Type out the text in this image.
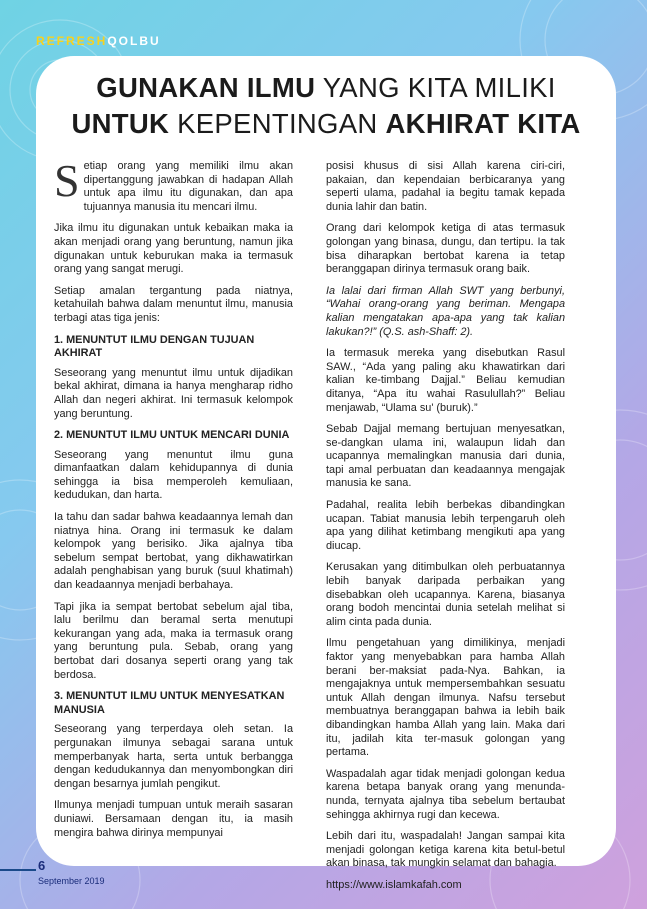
REFRESHQOLBU
GUNAKAN ILMU YANG KITA MILIKI
UNTUK KEPENTINGAN AKHIRAT KITA

Setiap orang yang memiliki ilmu akan dipertanggung jawabkan di hadapan Allah untuk apa ilmu itu digunakan, dan apa tujuannya manusia itu mencari ilmu.

Jika ilmu itu digunakan untuk kebaikan maka ia akan menjadi orang yang beruntung, namun jika digunakan untuk keburukan maka ia termasuk orang yang sangat merugi.

Setiap amalan tergantung pada niatnya, ketahuilah bahwa dalam menuntut ilmu, manusia terbagi atas tiga jenis:

1. MENUNTUT ILMU DENGAN TUJUAN AKHIRAT

Seseorang yang menuntut ilmu untuk dijadikan bekal akhirat, dimana ia hanya mengharap ridho Allah dan negeri akhirat. Ini termasuk kelompok yang beruntung.

2. MENUNTUT ILMU UNTUK MENCARI DUNIA

Seseorang yang menuntut ilmu guna dimanfaatkan dalam kehidupannya di dunia sehingga ia bisa memperoleh kemuliaan, kedudukan, dan harta.

Ia tahu dan sadar bahwa keadaannya lemah dan niatnya hina. Orang ini termasuk ke dalam kelompok yang berisiko. Jika ajalnya tiba sebelum sempat bertobat, yang dikhawatirkan adalah penghabisan yang buruk (suul khatimah) dan keadaannya menjadi berbahaya.

Tapi jika ia sempat bertobat sebelum ajal tiba, lalu berilmu dan beramal serta menutupi kekurangan yang ada, maka ia termasuk orang yang beruntung pula. Sebab, orang yang bertobat dari dosanya seperti orang yang tak berdosa.

3. MENUNTUT ILMU UNTUK MENYESATKAN MANUSIA

Seseorang yang terperdaya oleh setan. Ia pergunakan ilmunya sebagai sarana untuk memperbanyak harta, serta untuk berbangga dengan kedudukannya dan menyombongkan diri dengan besarnya jumlah pengikut.

Ilmunya menjadi tumpuan untuk meraih sasaran duniawi. Bersamaan dengan itu, ia masih mengira bahwa dirinya mempunyai

posisi khusus di sisi Allah karena ciri-ciri, pakaian, dan kependaian berbicaranya yang seperti ulama, padahal ia begitu tamak kepada dunia lahir dan batin.

Orang dari kelompok ketiga di atas termasuk golongan yang binasa, dungu, dan tertipu. Ia tak bisa diharapkan bertobat karena ia tetap beranggapan dirinya termasuk orang baik.

Ia lalai dari firman Allah SWT yang berbunyi, “Wahai orang-orang yang beriman. Mengapa kalian mengatakan apa-apa yang tak kalian lakukan?!” (Q.S. ash-Shaff: 2).

Ia termasuk mereka yang disebutkan Rasul SAW., “Ada yang paling aku khawatirkan dari kalian ke-timbang Dajjal.” Beliau kemudian ditanya, “Apa itu wahai Rasulullah?” Beliau menjawab, “Ulama su' (buruk).”

Sebab Dajjal memang bertujuan menyesatkan, se-dangkan ulama ini, walaupun lidah dan ucapannya memalingkan manusia dari dunia, tapi amal perbuatan dan keadaannya mengajak manusia ke sana.

Padahal, realita lebih berbekas dibandingkan ucapan. Tabiat manusia lebih terpengaruh oleh apa yang dilihat ketimbang mengikuti apa yang diucap.

Kerusakan yang ditimbulkan oleh perbuatannya lebih banyak daripada perbaikan yang disebabkan oleh ucapannya. Karena, biasanya orang bodoh mencintai dunia setelah melihat si alim cinta pada dunia.

Ilmu pengetahuan yang dimilikinya, menjadi faktor yang menyebabkan para hamba Allah berani ber-maksiat pada-Nya. Bahkan, ia mengajaknya untuk mempersembahkan sesuatu untuk Allah dengan ilmunya. Nafsu tersebut membuatnya beranggapan bahwa ia lebih baik dibandingkan hamba Allah yang lain. Maka dari itu, jadilah kita ter-masuk golongan yang pertama.

Waspadalah agar tidak menjadi golongan kedua karena betapa banyak orang yang menunda-nunda, ternyata ajalnya tiba sebelum bertaubat sehingga akhirnya rugi dan kecewa.

Lebih dari itu, waspadalah! Jangan sampai kita menjadi golongan ketiga karena kita betul-betul akan binasa, tak mungkin selamat dan bahagia.

https://www.islamkafah.com

6
September 2019
